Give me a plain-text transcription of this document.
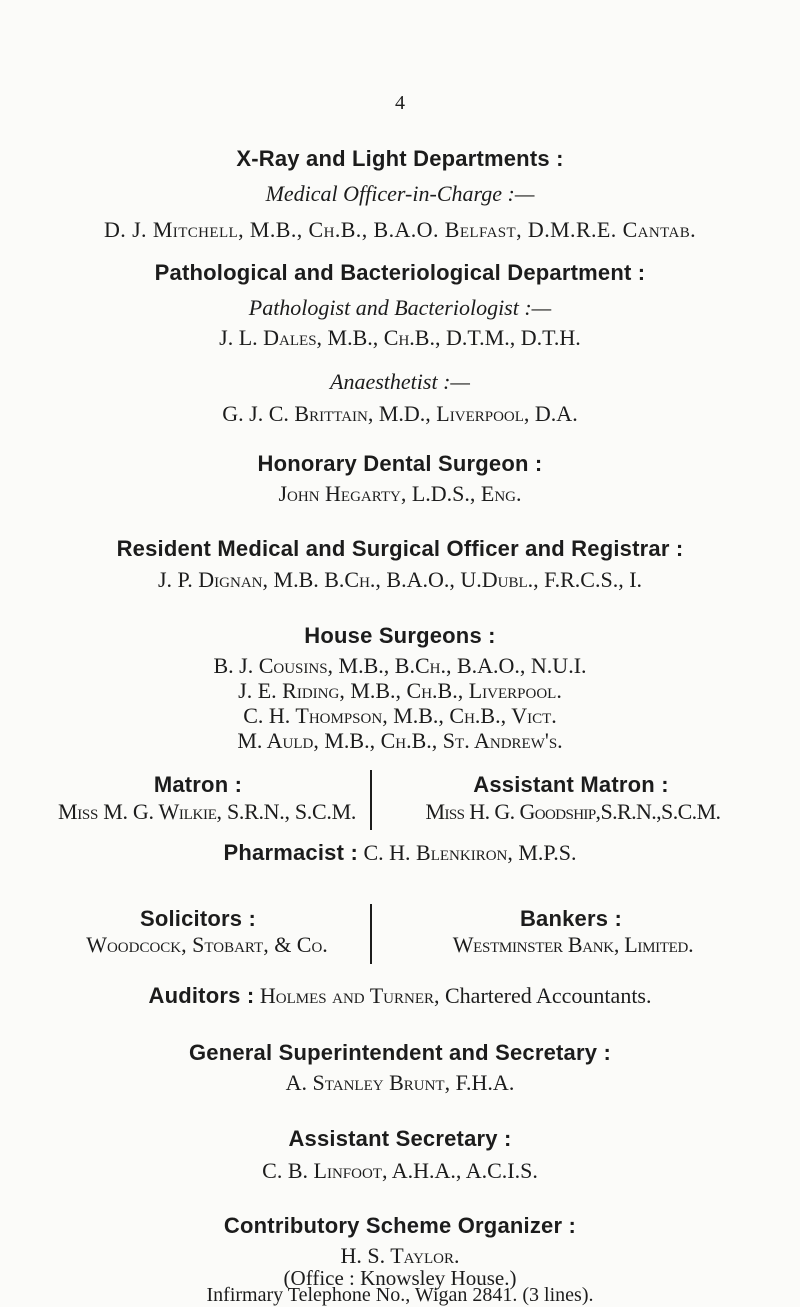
4
X-Ray and Light Departments :
Medical Officer-in-Charge :—
D. J. Mitchell, M.B., Ch.B., B.A.O. Belfast, D.M.R.E. Cantab.
Pathological and Bacteriological Department :
Pathologist and Bacteriologist :—
J. L. Dales, M.B., Ch.B., D.T.M., D.T.H.
Anaesthetist :—
G. J. C. Brittain, M.D., Liverpool, D.A.
Honorary Dental Surgeon :
John Hegarty, L.D.S., Eng.
Resident Medical and Surgical Officer and Registrar :
J. P. Dignan, M.B. B.Ch., B.A.O., U.Dubl., F.R.C.S., I.
House Surgeons :
B. J. Cousins, M.B., B.Ch., B.A.O., N.U.I.
J. E. Riding, M.B., Ch.B., Liverpool.
C. H. Thompson, M.B., Ch.B., Vict.
M. Auld, M.B., Ch.B., St. Andrew's.
Matron :
Miss M. G. Wilkie, S.R.N., S.C.M.
Assistant Matron :
Miss H. G. Goodship,S.R.N.,S.C.M.
Pharmacist : C. H. Blenkiron, M.P.S.
Solicitors :
Woodcock, Stobart, & Co.
Bankers :
Westminster Bank, Limited.
Auditors : Holmes and Turner, Chartered Accountants.
General Superintendent and Secretary :
A. Stanley Brunt, F.H.A.
Assistant Secretary :
C. B. Linfoot, A.H.A., A.C.I.S.
Contributory Scheme Organizer :
H. S. Taylor.
(Office : Knowsley House.)
Infirmary Telephone No., Wigan 2841. (3 lines).
